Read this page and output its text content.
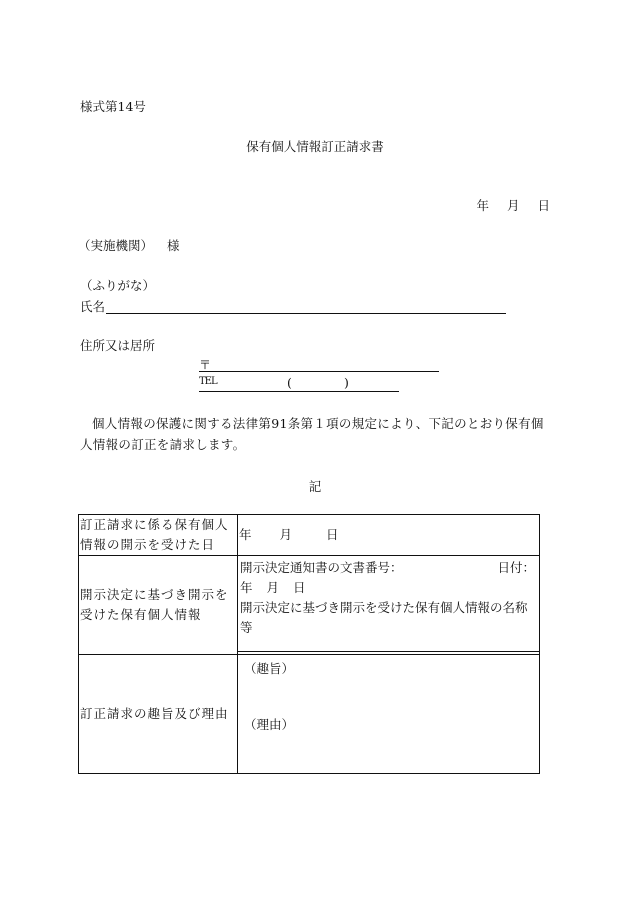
様式第14号
保有個人情報訂正請求書
年 月 日
（実施機関） 様
（ふりがな）
氏名
住所又は居所
〒
TEL	(	)
個人情報の保護に関する法律第91条第１項の規定により、下記のとおり保有個人情報の訂正を請求します。
記
訂正請求に係る保有個人情報の開示を受けた日	年 月 日
開示決定に基づき開示を受けた保有個人情報	開示決定通知書の文書番号： 日付：
年 月 日
開示決定に基づき開示を受けた保有個人情報の名称等

訂正請求の趣旨及び理由	（趣旨）
（理由）
